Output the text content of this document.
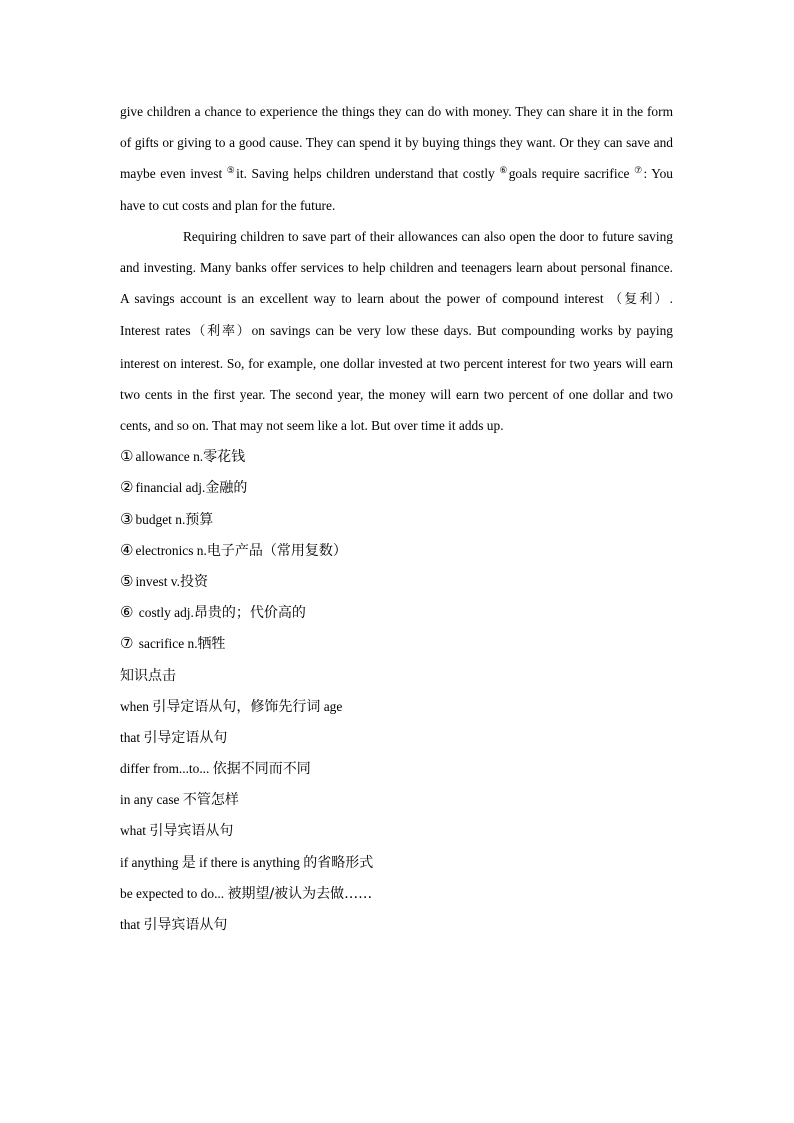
give children a chance to experience the things they can do with money. They can share it in the form of gifts or giving to a good cause. They can spend it by buying things they want. Or they can save and maybe even invest ⑤it. Saving helps children understand that costly ⑥goals require sacrifice ⑦: You have to cut costs and plan for the future.

Requiring children to save part of their allowances can also open the door to future saving and investing. Many banks offer services to help children and teenagers learn about personal finance. A savings account is an excellent way to learn about the power of compound interest （复利）. Interest rates（利率）on savings can be very low these days. But compounding works by paying interest on interest. So, for example, one dollar invested at two percent interest for two years will earn two cents in the first year. The second year, the money will earn two percent of one dollar and two cents, and so on. That may not seem like a lot. But over time it adds up.

① allowance n.零花钱
② financial adj.金融的
③ budget n.预算
④ electronics n.电子产品（常用复数）
⑤ invest v.投资
⑥ costly adj.昂贵的；代价高的
⑦ sacrifice n.牺牲
知识点击
when 引导定语从句，修饰先行词 age
that 引导定语从句
differ from...to... 依据不同而不同
in any case 不管怎样
what 引导宾语从句
if anything 是 if there is anything 的省略形式
be expected to do... 被期望/被认为去做……
that 引导宾语从句
